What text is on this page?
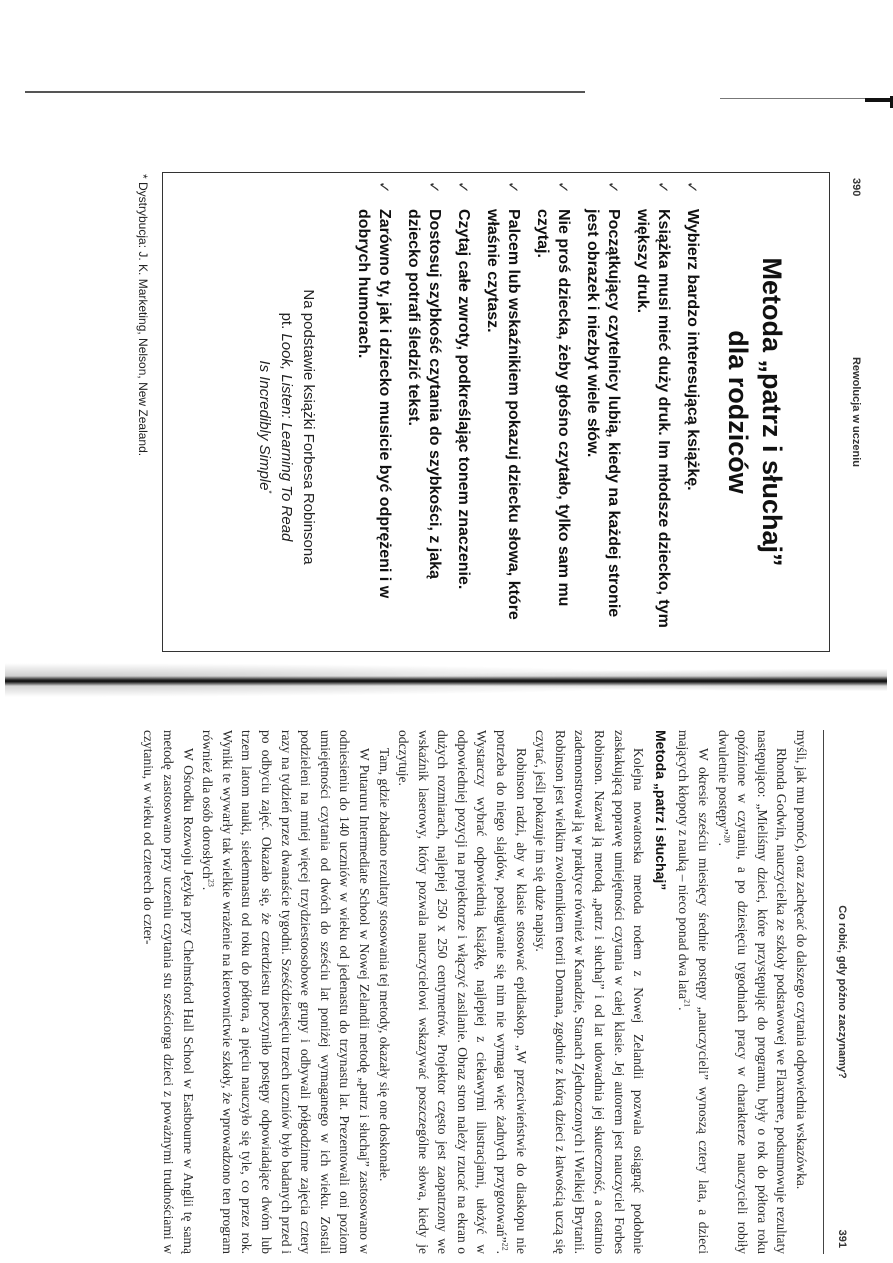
390
Rewolucja w uczeniu
Metoda „patrz i słuchaj”
dla rodziców
✓
Wybierz bardzo interesującą książkę.
✓
Książka musi mieć duży druk. Im młodsze dziecko, tym większy druk.
✓
Początkujący czytelnicy lubią, kiedy na każdej stronie jest obrazek i niezbyt wiele słów.
✓
Nie proś dziecka, żeby głośno czytało, tylko sam mu czytaj.
✓
Palcem lub wskaźnikiem pokazuj dziecku słowa, które właśnie czytasz.
✓
Czytaj całe zwroty, podkreślając tonem znaczenie.
✓
Dostosuj szybkość czytania do szybkości, z jaką dziecko potrafi śledzić tekst.
✓
Zarówno ty, jak i dziecko musicie być odprężeni i w dobrych humorach.
Na podstawie książki Forbesa Robinsona
pt. Look, Listen: Learning To Read
Is Incredibly Simple*
* Dystrybucja: J. K. Marketing, Nelson, New Zealand.
Co robić, gdy późno zaczynamy?
391

myśli, jak mu pomóc), oraz zachęcać do dalszego czytania odpowiednia wskazówka.

Rhonda Godwin, nauczycielka ze szkoły podstawowej we Flaxmere, podsumowuje rezultaty następująco: „Mieliśmy dzieci, które przystępując do programu, były o rok do półtora roku opóźnione w czytaniu, a po dziesięciu tygodniach pracy w charakterze nauczycieli robiły dwuletnie postępy”$^{20}$.

W okresie sześciu miesięcy średnie postępy „nauczycieli” wynoszą cztery lata, a dzieci mających kłopoty z nauką – nieco ponad dwa lata$^{21}$.

Metoda „patrz i słuchaj”

Kolejna nowatorska metoda rodem z Nowej Zelandii pozwala osiągnąć podobnie zaskakującą poprawę umiejętności czytania w całej klasie. Jej autorem jest nauczyciel Forbes Robinson. Nazwał ją metodą „patrz i słuchaj” i od lat udowadnia jej skuteczność, a ostatnio zademonstrował ją w praktyce również w Kanadzie, Stanach Zjednoczonych i Wielkiej Brytanii. Robinson jest wielkim zwolennikiem teorii Domana, zgodnie z którą dzieci z łatwością uczą się czytać, jeśli pokazuje im się duże napisy.

Robinson radzi, aby w klasie stosować epidiaskop. „W przeciwieństwie do diaskopu nie potrzeba do niego slajdów, posługiwanie się nim nie wymaga więc żadnych przygotowań”$^{22}$. Wystarczy wybrać odpowiednią książkę, najlepiej z ciekawymi ilustracjami, ułożyć w odpowiedniej pozycji na projektorze i włączyć zasilanie. Obraz stron należy rzucać na ekran o dużych rozmiarach, najlepiej 250 x 250 centymetrów. Projektor często jest zaopatrzony we wskaźnik laserowy, który pozwala nauczycielowi wskazywać poszczególne słowa, kiedy je odczytuje.

Tam, gdzie zbadano rezultaty stosowania tej metody, okazały się one doskonałe.

W Putaruru Intermediate School w Nowej Zelandii metodę „patrz i słuchaj” zastosowano w odniesieniu do 140 uczniów w wieku od jedenastu do trzynastu lat. Prezentowali oni poziom umiejętności czytania od dwóch do sześciu lat poniżej wymaganego w ich wieku. Zostali podzieleni na mniej więcej trzydziestoosobowe grupy i odbywali półgodzinne zajęcia cztery razy na tydzień przez dwanaście tygodni. Sześćdziesięciu trzech uczniów było badanych przed i po odbyciu zajęć. Okazało się, że czterdziestu poczyniło postępy odpowiadające dwóm lub trzem latom nauki, siedemnastu od roku do półtora, a pięciu nauczyło się tyle, co przez rok. Wyniki te wywarły tak wielkie wrażenie na kierownictwie szkoły, że wprowadzono ten program również dla osób dorosłych$^{23}$.

W Ośrodku Rozwoju Języka przy Chelmsford Hall School w Eastbourne w Anglii tę samą metodę zastosowano przy uczeniu czytania stu sześciorga dzieci z poważnymi trudnościami w czytaniu, w wieku od czterech do czter-
